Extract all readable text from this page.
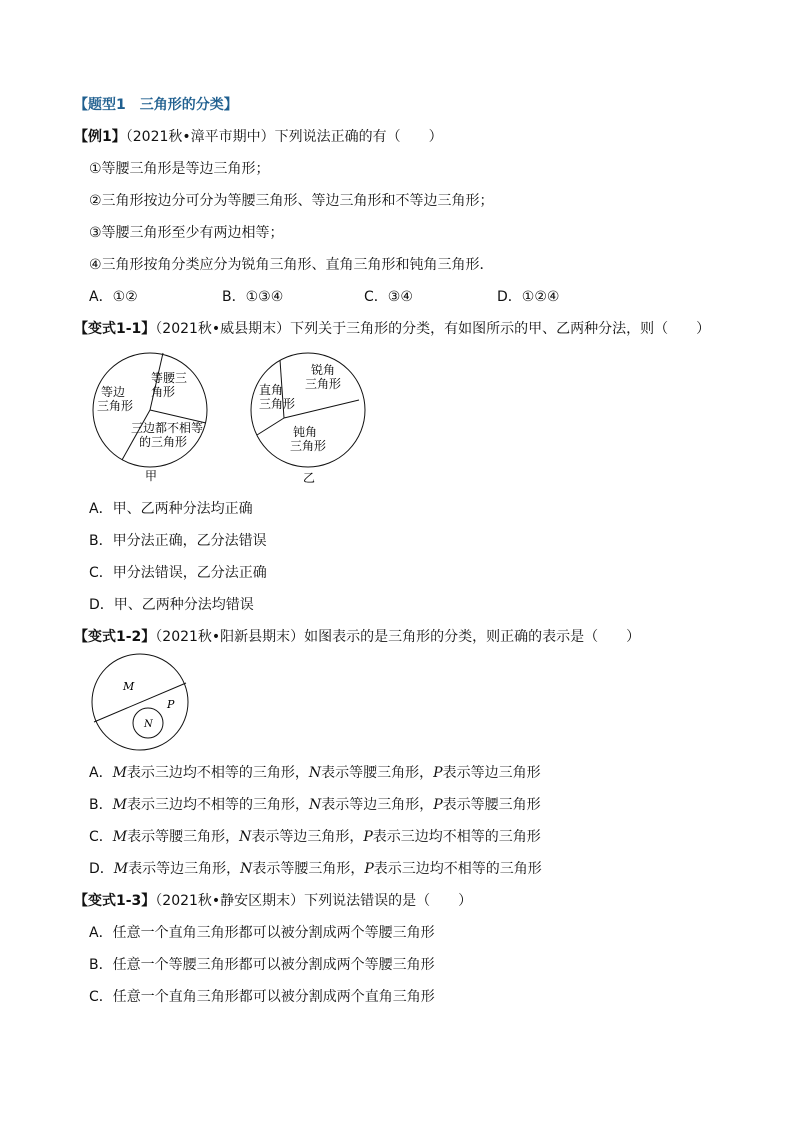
【题型1　三角形的分类】
【例1】（2021秋•漳平市期中）下列说法正确的有（　　）
①等腰三角形是等边三角形；
②三角形按边分可分为等腰三角形、等边三角形和不等边三角形；
③等腰三角形至少有两边相等；
④三角形按角分类应分为锐角三角形、直角三角形和钝角三角形．
A．①②	B．①③④	C．③④	D．①②④
【变式1-1】（2021秋•威县期末）下列关于三角形的分类，有如图所示的甲、乙两种分法，则（　　）
等边
三角形
等腰三
角形
三边都不相等
的三角形
甲
直角
三角形
锐角
三角形
钝角
三角形
乙
A．甲、乙两种分法均正确
B．甲分法正确，乙分法错误
C．甲分法错误，乙分法正确
D．甲、乙两种分法均错误
【变式1-2】（2021秋•阳新县期末）如图表示的是三角形的分类，则正确的表示是（　　）
M
P
N
A．M表示三边均不相等的三角形，N表示等腰三角形，P表示等边三角形
B．M表示三边均不相等的三角形，N表示等边三角形，P表示等腰三角形
C．M表示等腰三角形，N表示等边三角形，P表示三边均不相等的三角形
D．M表示等边三角形，N表示等腰三角形，P表示三边均不相等的三角形
【变式1-3】（2021秋•静安区期末）下列说法错误的是（　　）
A．任意一个直角三角形都可以被分割成两个等腰三角形
B．任意一个等腰三角形都可以被分割成两个等腰三角形
C．任意一个直角三角形都可以被分割成两个直角三角形
